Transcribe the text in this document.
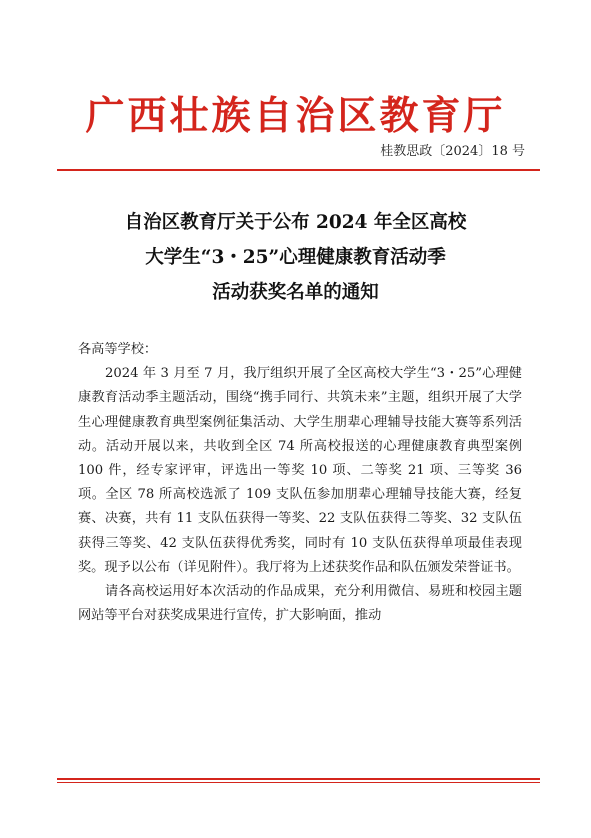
广西壮族自治区教育厅
桂教思政〔2024〕18 号
自治区教育厅关于公布 2024 年全区高校
大学生“3・25”心理健康教育活动季
活动获奖名单的通知
各高等学校：

2024 年 3 月至 7 月，我厅组织开展了全区高校大学生“3・25”心理健康教育活动季主题活动，围绕“携手同行、共筑未来”主题，组织开展了大学生心理健康教育典型案例征集活动、大学生朋辈心理辅导技能大赛等系列活动。活动开展以来，共收到全区 74 所高校报送的心理健康教育典型案例 100 件，经专家评审，评选出一等奖 10 项、二等奖 21 项、三等奖 36 项。全区 78 所高校选派了 109 支队伍参加朋辈心理辅导技能大赛，经复赛、决赛，共有 11 支队伍获得一等奖、22 支队伍获得二等奖、32 支队伍获得三等奖、42 支队伍获得优秀奖，同时有 10 支队伍获得单项最佳表现奖。现予以公布（详见附件）。我厅将为上述获奖作品和队伍颁发荣誉证书。

请各高校运用好本次活动的作品成果，充分利用微信、易班和校园主题网站等平台对获奖成果进行宣传，扩大影响面，推动
